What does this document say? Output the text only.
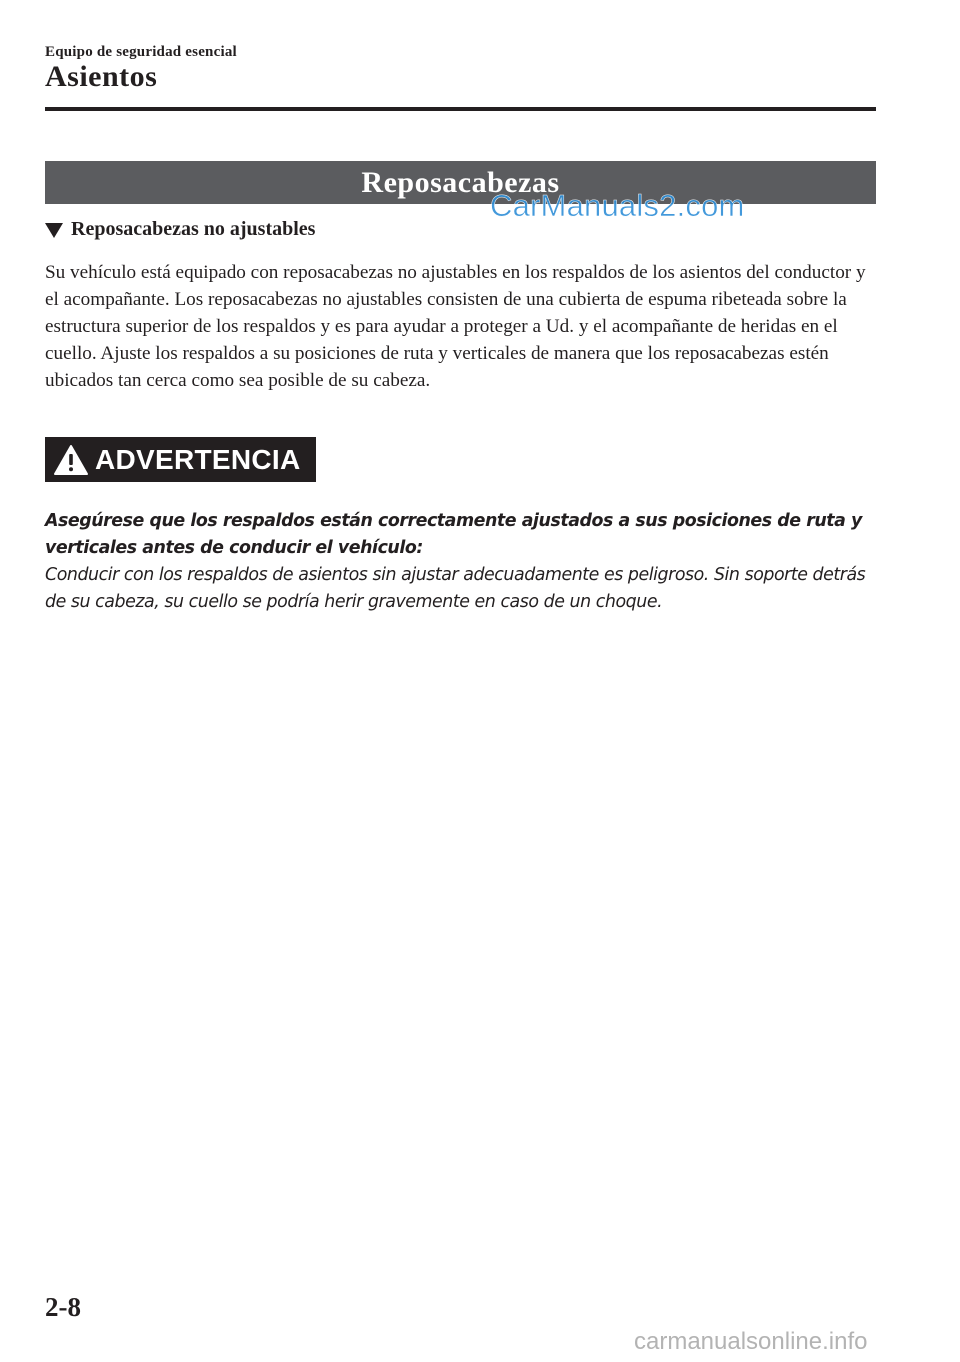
Equipo de seguridad esencial
Asientos
Reposacabezas
CarManuals2.com
Reposacabezas no ajustables

Su vehículo está equipado con reposacabezas no ajustables en los respaldos de los asientos del conductor y el acompañante. Los reposacabezas no ajustables consisten de una cubierta de espuma ribeteada sobre la estructura superior de los respaldos y es para ayudar a proteger a Ud. y el acompañante de heridas en el cuello. Ajuste los respaldos a su posiciones de ruta y verticales de manera que los reposacabezas estén ubicados tan cerca como sea posible de su cabeza.

ADVERTENCIA

Asegúrese que los respaldos están correctamente ajustados a sus posiciones de ruta y verticales antes de conducir el vehículo:

Conducir con los respaldos de asientos sin ajustar adecuadamente es peligroso. Sin soporte detrás de su cabeza, su cuello se podría herir gravemente en caso de un choque.

2-8
carmanualsonline.info
